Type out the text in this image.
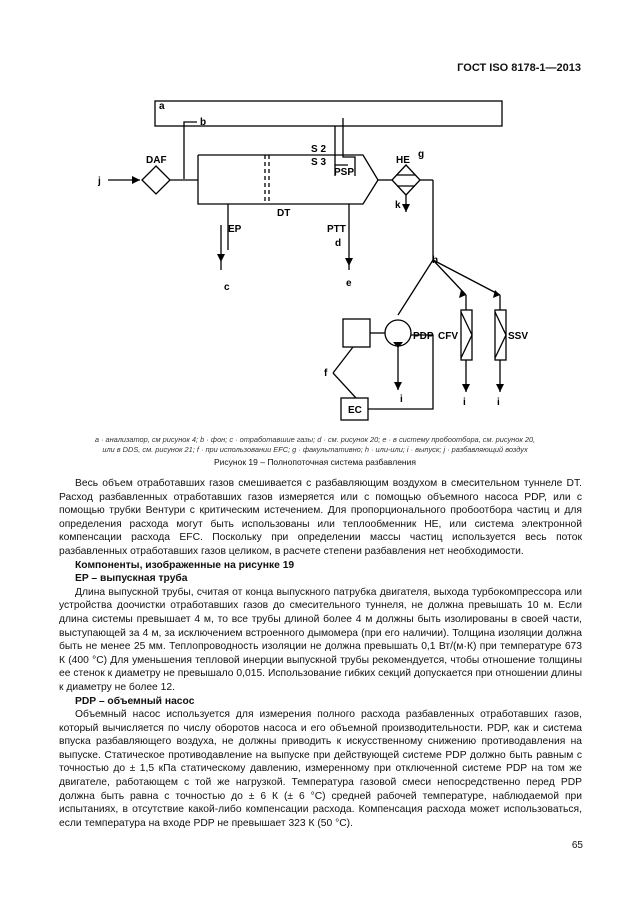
ГОСТ ISO 8178-1—2013
a
b
j
DAF
S 2
S 3
PSP
HE
g
EP
DT
PTT
d
c	e
h
PDP CFV	SSV
EC
f
i	i	i
k
a · анализатор, см рисунок 4; b · фон; c · отработавшие газы; d · см. рисунок 20; e · в систему пробоотбора, см. рисунок 20,
или в DDS, см. рисунок 21; f · при использовании EFC; g · факультативно; h · или-или; i · выпуск; j · разбавляющий воздух
Рисунок 19 – Полнопоточная система разбавления

Весь объем отработавших газов смешивается с разбавляющим воздухом в смесительном туннеле DT. Расход разбавленных отработавших газов измеряется или с помощью объемного насоса PDP, или с помощью трубки Вентури с критическим истечением. Для пропорционального пробоотбора частиц и для определения расхода могут быть использованы или теплообменник HE, или система электронной компенсации расхода EFC. Поскольку при определении массы частиц используется весь поток разбавленных отработавших газов целиком, в расчете степени разбавления нет необходимости.

Компоненты, изображенные на рисунке 19

EP – выпускная труба

Длина выпускной трубы, считая от конца выпускного патрубка двигателя, выхода турбокомпрессора или устройства доочистки отработавших газов до смесительного туннеля, не должна превышать 10 м. Если длина системы превышает 4 м, то все трубы длиной более 4 м должны быть изолированы в своей части, выступающей за 4 м, за исключением встроенного дымомера (при его наличии). Толщина изоляции должна быть не менее 25 мм. Теплопроводность изоляции не должна превышать 0,1 Вт/(м·К) при температуре 673 К (400 °С) Для уменьшения тепловой инерции выпускной трубы рекомендуется, чтобы отношение толщины ее стенок к диаметру не превышало 0,015. Использование гибких секций допускается при отношении длины к диаметру не более 12.

PDP – объемный насос

Объемный насос используется для измерения полного расхода разбавленных отработавших газов, который вычисляется по числу оборотов насоса и его объемной производительности. PDP, как и система впуска разбавляющего воздуха, не должны приводить к искусственному снижению противодавления на выпуске. Статическое противодавление на выпуске при действующей системе PDP должно быть равным с точностью до ± 1,5 кПа статическому давлению, измеренному при отключенной системе PDP на том же двигателе, работающем с той же нагрузкой. Температура газовой смеси непосредственно перед PDP должна быть равна с точностью до ± 6 К (± 6 °С) средней рабочей температуре, наблюдаемой при испытаниях, в отсутствие какой-либо компенсации расхода. Компенсация расхода может использоваться, если температура на входе PDP не превышает 323 К (50 °С).

65
